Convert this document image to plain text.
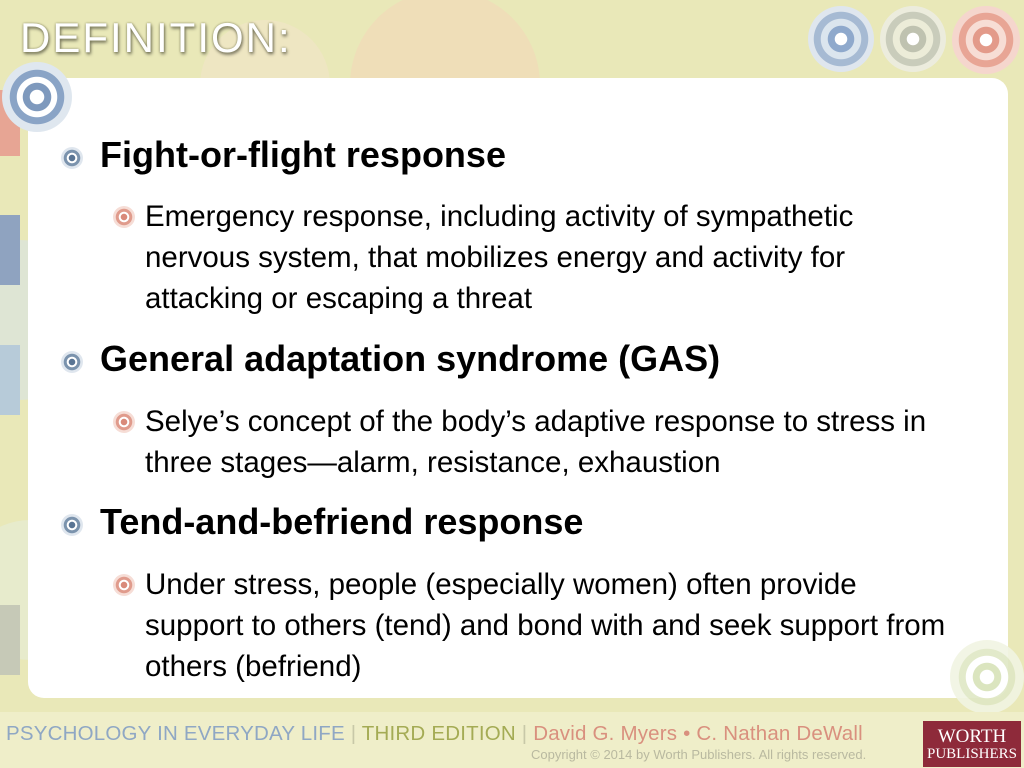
DEFINITION:
Fight-or-flight response
Emergency response, including activity of sympathetic nervous system, that mobilizes energy and activity for attacking or escaping a threat
General adaptation syndrome (GAS)
Selye’s concept of the body’s adaptive response to stress in three stages—alarm, resistance, exhaustion
Tend-and-befriend response
Under stress, people (especially women) often provide support to others (tend) and bond with and seek support from others (befriend)
PSYCHOLOGY IN EVERYDAY LIFE | THIRD EDITION | David G. Myers • C. Nathan DeWall
Copyright © 2014 by Worth Publishers. All rights reserved.
WORTH
PUBLISHERS
